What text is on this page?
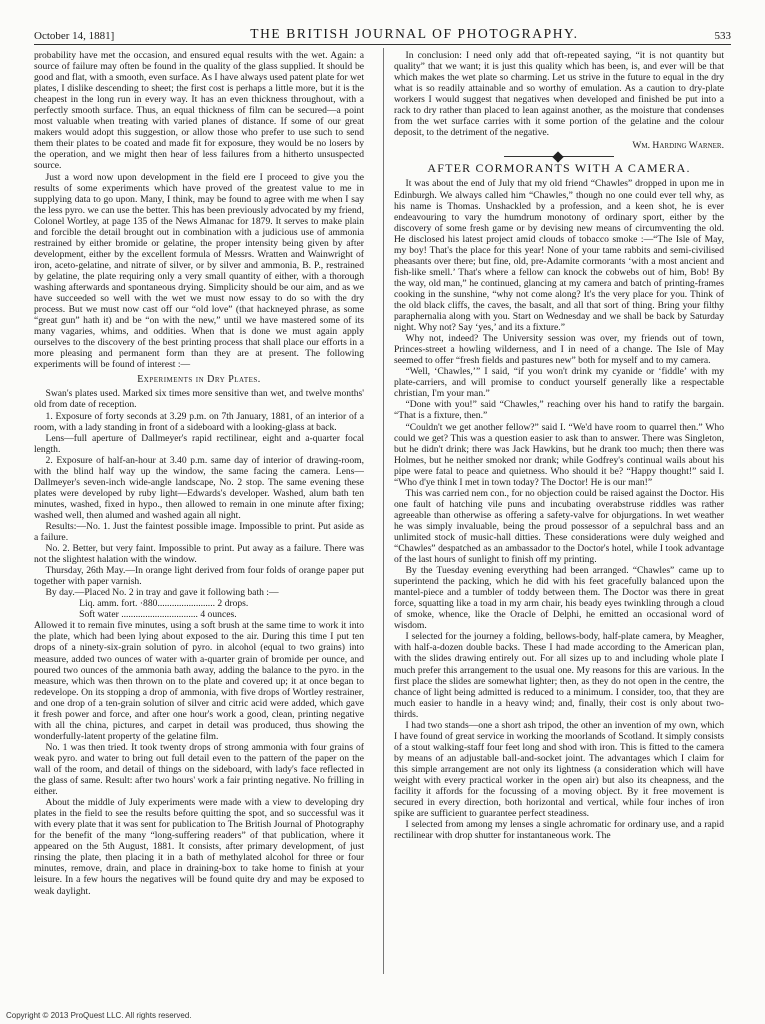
October 14, 1881]	THE BRITISH JOURNAL OF PHOTOGRAPHY.	533

probability have met the occasion, and ensured equal results with the wet. Again: a source of failure may often be found in the quality of the glass supplied. It should be good and flat, with a smooth, even surface. As I have always used patent plate for wet plates, I dislike descending to sheet; the first cost is perhaps a little more, but it is the cheapest in the long run in every way. It has an even thickness throughout, with a perfectly smooth surface. Thus, an equal thickness of film can be secured—a point most valuable when treating with varied planes of distance. If some of our great makers would adopt this suggestion, or allow those who prefer to use such to send them their plates to be coated and made fit for exposure, they would be no losers by the operation, and we might then hear of less failures from a hitherto unsuspected source.

Just a word now upon development in the field ere I proceed to give you the results of some experiments which have proved of the greatest value to me in supplying data to go upon. Many, I think, may be found to agree with me when I say the less pyro. we can use the better. This has been previously advocated by my friend, Colonel Wortley, at page 135 of the News Almanac for 1879. It serves to make plain and forcible the detail brought out in combination with a judicious use of ammonia restrained by either bromide or gelatine, the proper intensity being given by after development, either by the excellent formula of Messrs. Wratten and Wainwright of iron, aceto-gelatine, and nitrate of silver, or by silver and ammonia, B. P., restrained by gelatine, the plate requiring only a very small quantity of either, with a thorough washing afterwards and spontaneous drying. Simplicity should be our aim, and as we have succeeded so well with the wet we must now essay to do so with the dry process. But we must now cast off our “old love” (that hackneyed phrase, as some “great gun” hath it) and be “on with the new,” until we have mastered some of its many vagaries, whims, and oddities. When that is done we must again apply ourselves to the discovery of the best printing process that shall place our efforts in a more pleasing and permanent form than they are at present. The following experiments will be found of interest :—

Experiments in Dry Plates.

Swan's plates used. Marked six times more sensitive than wet, and twelve months' old from date of reception.

1. Exposure of forty seconds at 3.29 p.m. on 7th January, 1881, of an interior of a room, with a lady standing in front of a sideboard with a looking-glass at back.

Lens—full aperture of Dallmeyer's rapid rectilinear, eight and a-quarter focal length.

2. Exposure of half-an-hour at 3.40 p.m. same day of interior of drawing-room, with the blind half way up the window, the same facing the camera. Lens—Dallmeyer's seven-inch wide-angle landscape, No. 2 stop. The same evening these plates were developed by ruby light—Edwards's developer. Washed, alum bath ten minutes, washed, fixed in hypo., then allowed to remain in one minute after fixing; washed well, then alumed and washed again all night.

Results:—No. 1. Just the faintest possible image. Impossible to print. Put aside as a failure.

No. 2. Better, but very faint. Impossible to print. Put away as a failure. There was not the slightest halation with the window.

Thursday, 26th May.—In orange light derived from four folds of orange paper put together with paper varnish.

By day.—Placed No. 2 in tray and gave it following bath :—

Liq. amm. fort. ·880........................ 2 drops.

Soft water ................................ 4 ounces.

Allowed it to remain five minutes, using a soft brush at the same time to work it into the plate, which had been lying about exposed to the air. During this time I put ten drops of a ninety-six-grain solution of pyro. in alcohol (equal to two grains) into measure, added two ounces of water with a-quarter grain of bromide per ounce, and poured two ounces of the ammonia bath away, adding the balance to the pyro. in the measure, which was then thrown on to the plate and covered up; it at once began to redevelope. On its stopping a drop of ammonia, with five drops of Wortley restrainer, and one drop of a ten-grain solution of silver and citric acid were added, which gave it fresh power and force, and after one hour's work a good, clean, printing negative with all the china, pictures, and carpet in detail was produced, thus showing the wonderfully-latent property of the gelatine film.

No. 1 was then tried. It took twenty drops of strong ammonia with four grains of weak pyro. and water to bring out full detail even to the pattern of the paper on the wall of the room, and detail of things on the sideboard, with lady's face reflected in the glass of same. Result: after two hours' work a fair printing negative. No frilling in either.

About the middle of July experiments were made with a view to developing dry plates in the field to see the results before quitting the spot, and so successful was it with every plate that it was sent for publication to The British Journal of Photography for the benefit of the many “long-suffering readers” of that publication, where it appeared on the 5th August, 1881. It consists, after primary development, of just rinsing the plate, then placing it in a bath of methylated alcohol for three or four minutes, remove, drain, and place in draining-box to take home to finish at your leisure. In a few hours the negatives will be found quite dry and may be exposed to weak daylight.

In conclusion: I need only add that oft-repeated saying, “it is not quantity but quality” that we want; it is just this quality which has been, is, and ever will be that which makes the wet plate so charming. Let us strive in the future to equal in the dry what is so readily attainable and so worthy of emulation. As a caution to dry-plate workers I would suggest that negatives when developed and finished be put into a rack to dry rather than placed to lean against another, as the moisture that condenses from the wet surface carries with it some portion of the gelatine and the colour deposit, to the detriment of the negative.

Wm. Harding Warner.

AFTER CORMORANTS WITH A CAMERA.

It was about the end of July that my old friend “Chawles” dropped in upon me in Edinburgh. We always called him “Chawles,” though no one could ever tell why, as his name is Thomas. Unshackled by a profession, and a keen shot, he is ever endeavouring to vary the humdrum monotony of ordinary sport, either by the discovery of some fresh game or by devising new means of circumventing the old. He disclosed his latest project amid clouds of tobacco smoke :—“The Isle of May, my boy! That's the place for this year! None of your tame rabbits and semi-civilised pheasants over there; but fine, old, pre-Adamite cormorants ‘with a most ancient and fish-like smell.’ That's where a fellow can knock the cobwebs out of him, Bob! By the way, old man,” he continued, glancing at my camera and batch of printing-frames cooking in the sunshine, “why not come along? It's the very place for you. Think of the old black cliffs, the caves, the basalt, and all that sort of thing. Bring your filthy paraphernalia along with you. Start on Wednesday and we shall be back by Saturday night. Why not? Say ‘yes,’ and its a fixture.”

Why not, indeed? The University session was over, my friends out of town, Princes-street a howling wilderness, and I in need of a change. The Isle of May seemed to offer “fresh fields and pastures new” both for myself and to my camera.

“Well, ‘Chawles,’” I said, “if you won't drink my cyanide or ‘fiddle’ with my plate-carriers, and will promise to conduct yourself generally like a respectable christian, I'm your man.”

“Done with you!” said “Chawles,” reaching over his hand to ratify the bargain. “That is a fixture, then.”

“Couldn't we get another fellow?” said I. “We'd have room to quarrel then.” Who could we get? This was a question easier to ask than to answer. There was Singleton, but he didn't drink; there was Jack Hawkins, but he drank too much; then there was Holmes, but he neither smoked nor drank; while Godfrey's continual wails about his pipe were fatal to peace and quietness. Who should it be? “Happy thought!” said I. “Who d'ye think I met in town today? The Doctor! He is our man!”

This was carried nem con., for no objection could be raised against the Doctor. His one fault of hatching vile puns and incubating overabstruse riddles was rather agreeable than otherwise as offering a safety-valve for objurgations. In wet weather he was simply invaluable, being the proud possessor of a sepulchral bass and an unlimited stock of music-hall ditties. These considerations were duly weighed and “Chawles” despatched as an ambassador to the Doctor's hotel, while I took advantage of the last hours of sunlight to finish off my printing.

By the Tuesday evening everything had been arranged. “Chawles” came up to superintend the packing, which he did with his feet gracefully balanced upon the mantel-piece and a tumbler of toddy between them. The Doctor was there in great force, squatting like a toad in my arm chair, his beady eyes twinkling through a cloud of smoke, whence, like the Oracle of Delphi, he emitted an occasional word of wisdom.

I selected for the journey a folding, bellows-body, half-plate camera, by Meagher, with half-a-dozen double backs. These I had made according to the American plan, with the slides drawing entirely out. For all sizes up to and including whole plate I much prefer this arrangement to the usual one. My reasons for this are various. In the first place the slides are somewhat lighter; then, as they do not open in the centre, the chance of light being admitted is reduced to a minimum. I consider, too, that they are much easier to handle in a heavy wind; and, finally, their cost is only about two-thirds.

I had two stands—one a short ash tripod, the other an invention of my own, which I have found of great service in working the moorlands of Scotland. It simply consists of a stout walking-staff four feet long and shod with iron. This is fitted to the camera by means of an adjustable ball-and-socket joint. The advantages which I claim for this simple arrangement are not only its lightness (a consideration which will have weight with every practical worker in the open air) but also its cheapness, and the facility it affords for the focussing of a moving object. By it free movement is secured in every direction, both horizontal and vertical, while four inches of iron spike are sufficient to guarantee perfect steadiness.

I selected from among my lenses a single achromatic for ordinary use, and a rapid rectilinear with drop shutter for instantaneous work. The

Copyright © 2013 ProQuest LLC. All rights reserved.
